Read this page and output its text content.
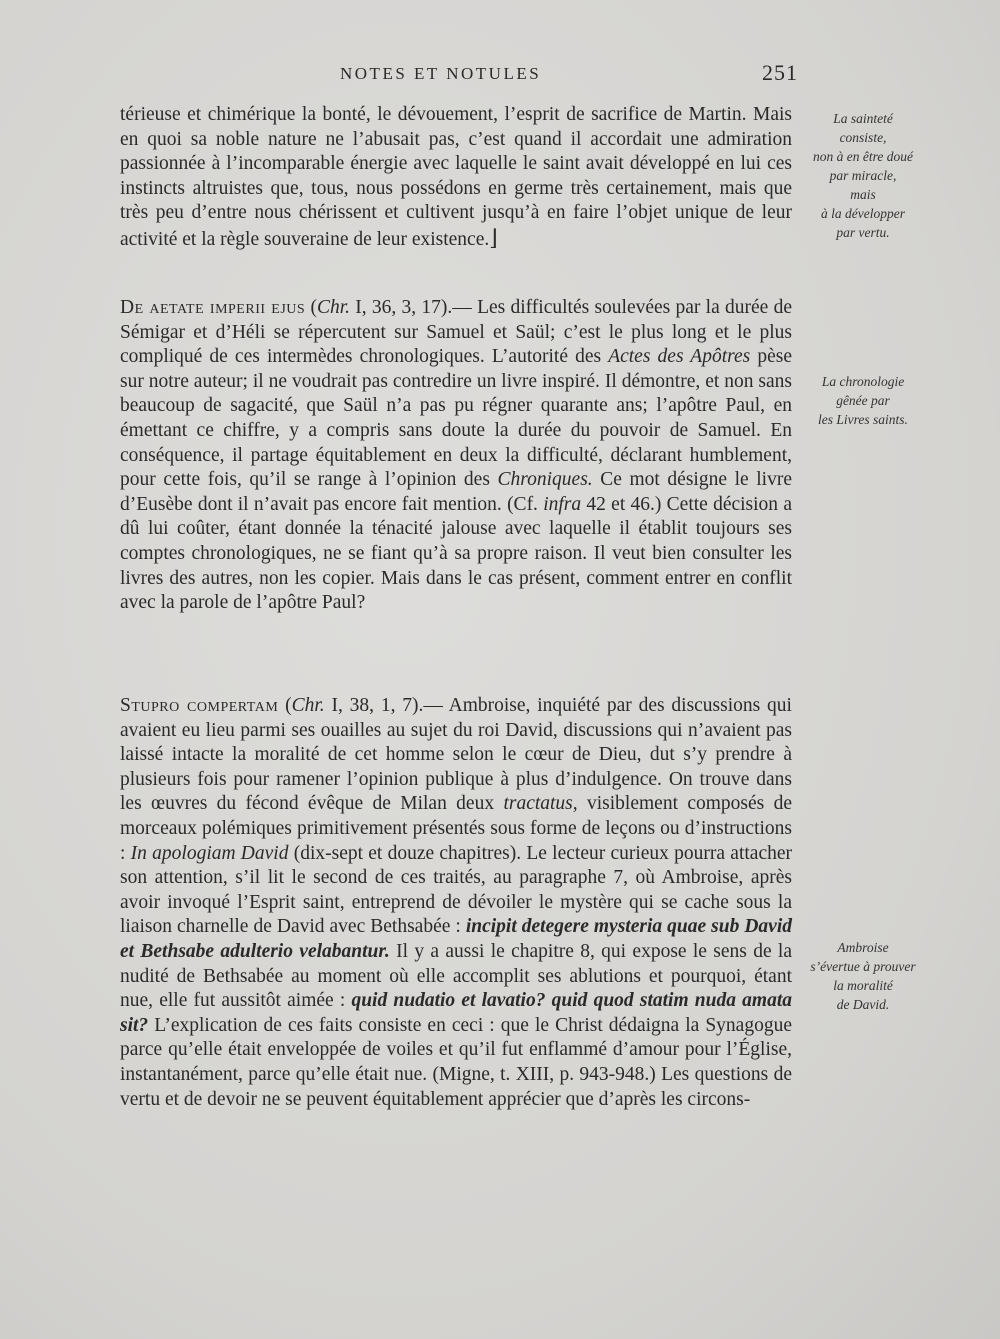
NOTES ET NOTULES	251

térieuse et chimérique la bonté, le dévouement, l’esprit de sacrifice de Martin. Mais en quoi sa noble nature ne l’abusait pas, c’est quand il accordait une admiration passionnée à l’incomparable énergie avec laquelle le saint avait développé en lui ces instincts altruistes que, tous, nous possédons en germe très certainement, mais que très peu d’entre nous chérissent et cultivent jusqu’à en faire l’objet unique de leur activité et la règle souveraine de leur existence.⌋

De aetate imperii ejus (Chr. I, 36, 3, 17).— Les difficultés soulevées par la durée de Sémigar et d’Héli se répercutent sur Samuel et Saül; c’est le plus long et le plus compliqué de ces intermèdes chronologiques. L’autorité des Actes des Apôtres pèse sur notre auteur; il ne voudrait pas contredire un livre inspiré. Il démontre, et non sans beaucoup de sagacité, que Saül n’a pas pu régner quarante ans; l’apôtre Paul, en émettant ce chiffre, y a compris sans doute la durée du pouvoir de Samuel. En conséquence, il partage équitablement en deux la difficulté, déclarant humblement, pour cette fois, qu’il se range à l’opinion des Chroniques. Ce mot désigne le livre d’Eusèbe dont il n’avait pas encore fait mention. (Cf. infra 42 et 46.) Cette décision a dû lui coûter, étant donnée la ténacité jalouse avec laquelle il établit toujours ses comptes chronologiques, ne se fiant qu’à sa propre raison. Il veut bien consulter les livres des autres, non les copier. Mais dans le cas présent, comment entrer en conflit avec la parole de l’apôtre Paul?

Stupro compertam (Chr. I, 38, 1, 7).— Ambroise, inquiété par des discussions qui avaient eu lieu parmi ses ouailles au sujet du roi David, discussions qui n’avaient pas laissé intacte la moralité de cet homme selon le cœur de Dieu, dut s’y prendre à plusieurs fois pour ramener l’opinion publique à plus d’indulgence. On trouve dans les œuvres du fécond évêque de Milan deux tractatus, visiblement composés de morceaux polémiques primitivement présentés sous forme de leçons ou d’instructions : In apologiam David (dix-sept et douze chapitres). Le lecteur curieux pourra attacher son attention, s’il lit le second de ces traités, au paragraphe 7, où Ambroise, après avoir invoqué l’Esprit saint, entreprend de dévoiler le mystère qui se cache sous la liaison charnelle de David avec Bethsabée : incipit detegere mysteria quae sub David et Bethsabe adulterio velabantur. Il y a aussi le chapitre 8, qui expose le sens de la nudité de Bethsabée au moment où elle accomplit ses ablutions et pourquoi, étant nue, elle fut aussitôt aimée : quid nudatio et lavatio? quid quod statim nuda amata sit? L’explication de ces faits consiste en ceci : que le Christ dédaigna la Synagogue parce qu’elle était enveloppée de voiles et qu’il fut enflammé d’amour pour l’Église, instantanément, parce qu’elle était nue. (Migne, t. XIII, p. 943-948.) Les questions de vertu et de devoir ne se peuvent équitablement apprécier que d’après les circons-

La sainteté
consiste,
non à en être doué
par miracle,
mais
à la développer
par vertu.
La chronologie
gênée par
les Livres saints.
Ambroise
s’évertue à prouver
la moralité
de David.
